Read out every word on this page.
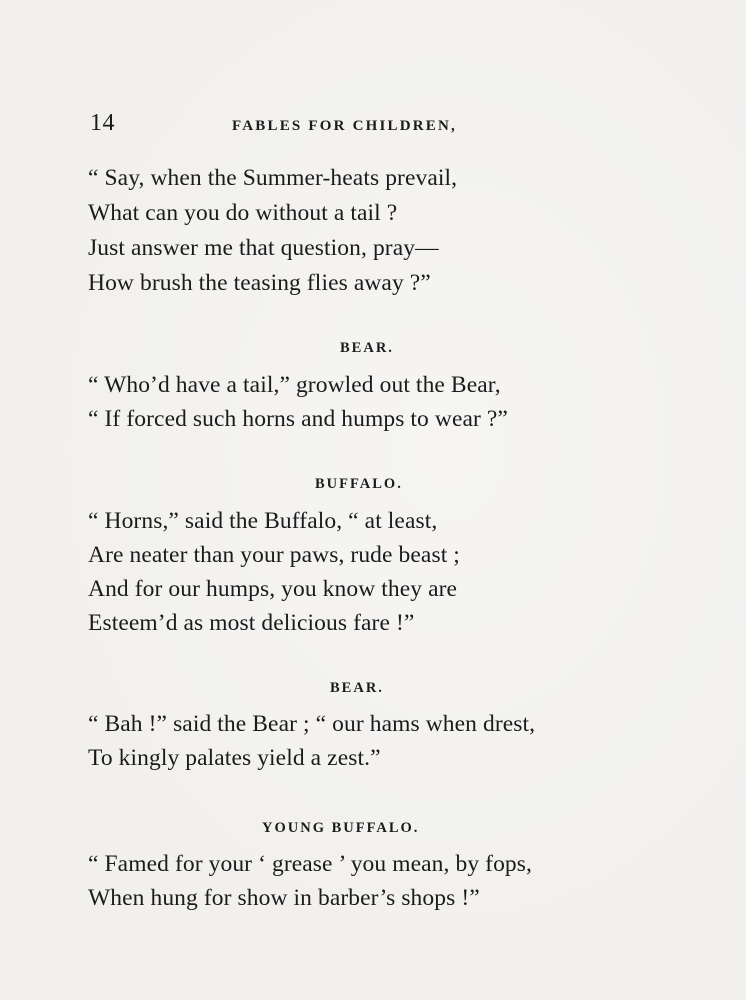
14	FABLES FOR CHILDREN,
“ Say, when the Summer-heats prevail,
What can you do without a tail ?
Just answer me that question, pray—
How brush the teasing flies away ?”
BEAR.
“ Who’d have a tail,” growled out the Bear,
“ If forced such horns and humps to wear ?”
BUFFALO.
“ Horns,” said the Buffalo, “ at least,
Are neater than your paws, rude beast ;
And for our humps, you know they are
Esteem’d as most delicious fare !”
BEAR.
“ Bah !” said the Bear ; “ our hams when drest,
To kingly palates yield a zest.”
YOUNG BUFFALO.
“ Famed for your ‘ grease ’ you mean, by fops,
When hung for show in barber’s shops !”
